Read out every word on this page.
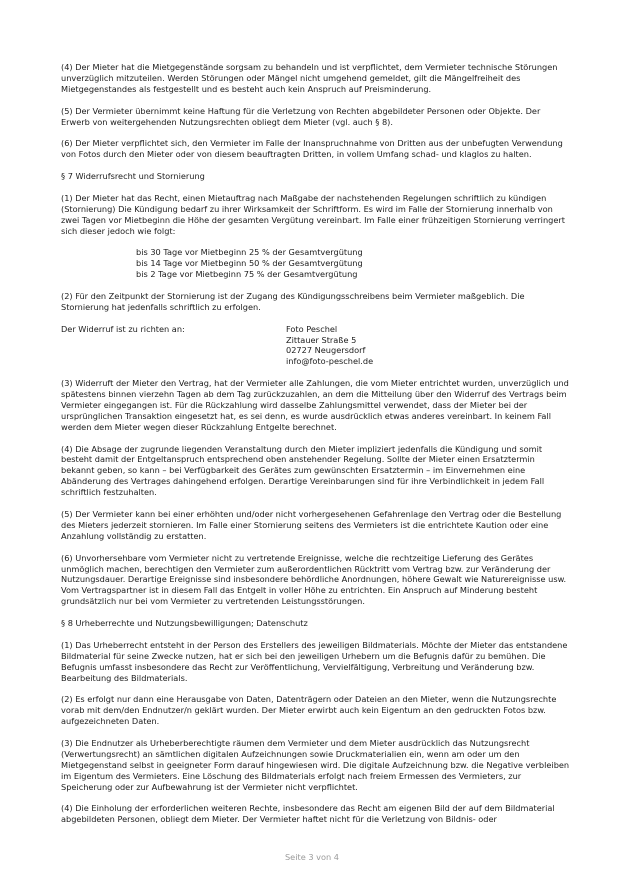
(4) Der Mieter hat die Mietgegenstände sorgsam zu behandeln und ist verpflichtet, dem Vermieter technische Störungen unverzüglich mitzuteilen. Werden Störungen oder Mängel nicht umgehend gemeldet, gilt die Mängelfreiheit des Mietgegenstandes als festgestellt und es besteht auch kein Anspruch auf Preisminderung.

(5) Der Vermieter übernimmt keine Haftung für die Verletzung von Rechten abgebildeter Personen oder Objekte. Der Erwerb von weitergehenden Nutzungsrechten obliegt dem Mieter (vgl. auch § 8).

(6) Der Mieter verpflichtet sich, den Vermieter im Falle der Inanspruchnahme von Dritten aus der unbefugten Verwendung von Fotos durch den Mieter oder von diesem beauftragten Dritten, in vollem Umfang schad- und klaglos zu halten.

§ 7 Widerrufsrecht und Stornierung

(1) Der Mieter hat das Recht, einen Mietauftrag nach Maßgabe der nachstehenden Regelungen schriftlich zu kündigen (Stornierung) Die Kündigung bedarf zu ihrer Wirksamkeit der Schriftform. Es wird im Falle der Stornierung innerhalb von zwei Tagen vor Mietbeginn die Höhe der gesamten Vergütung vereinbart. Im Falle einer frühzeitigen Stornierung verringert sich dieser jedoch wie folgt:

bis 30 Tage vor Mietbeginn 25 % der Gesamtvergütung
bis 14 Tage vor Mietbeginn 50 % der Gesamtvergütung
bis 2 Tage vor Mietbeginn 75 % der Gesamtvergütung

(2) Für den Zeitpunkt der Stornierung ist der Zugang des Kündigungsschreibens beim Vermieter maßgeblich. Die Stornierung hat jedenfalls schriftlich zu erfolgen.

Der Widerruf ist zu richten an:	Foto Peschel
Zittauer Straße 5
02727 Neugersdorf
info@foto-peschel.de

(3) Widerruft der Mieter den Vertrag, hat der Vermieter alle Zahlungen, die vom Mieter entrichtet wurden, unverzüglich und spätestens binnen vierzehn Tagen ab dem Tag zurückzuzahlen, an dem die Mitteilung über den Widerruf des Vertrags beim Vermieter eingegangen ist. Für die Rückzahlung wird dasselbe Zahlungsmittel verwendet, dass der Mieter bei der ursprünglichen Transaktion eingesetzt hat, es sei denn, es wurde ausdrücklich etwas anderes vereinbart. In keinem Fall werden dem Mieter wegen dieser Rückzahlung Entgelte berechnet.

(4) Die Absage der zugrunde liegenden Veranstaltung durch den Mieter impliziert jedenfalls die Kündigung und somit besteht damit der Entgeltanspruch entsprechend oben anstehender Regelung. Sollte der Mieter einen Ersatztermin bekannt geben, so kann – bei Verfügbarkeit des Gerätes zum gewünschten Ersatztermin – im Einvernehmen eine Abänderung des Vertrages dahingehend erfolgen. Derartige Vereinbarungen sind für ihre Verbindlichkeit in jedem Fall schriftlich festzuhalten.

(5) Der Vermieter kann bei einer erhöhten und/oder nicht vorhergesehenen Gefahrenlage den Vertrag oder die Bestellung des Mieters jederzeit stornieren. Im Falle einer Stornierung seitens des Vermieters ist die entrichtete Kaution oder eine Anzahlung vollständig zu erstatten.

(6) Unvorhersehbare vom Vermieter nicht zu vertretende Ereignisse, welche die rechtzeitige Lieferung des Gerätes unmöglich machen, berechtigen den Vermieter zum außerordentlichen Rücktritt vom Vertrag bzw. zur Veränderung der Nutzungsdauer. Derartige Ereignisse sind insbesondere behördliche Anordnungen, höhere Gewalt wie Naturereignisse usw. Vom Vertragspartner ist in diesem Fall das Entgelt in voller Höhe zu entrichten. Ein Anspruch auf Minderung besteht grundsätzlich nur bei vom Vermieter zu vertretenden Leistungsstörungen.

§ 8 Urheberrechte und Nutzungsbewilligungen; Datenschutz

(1) Das Urheberrecht entsteht in der Person des Erstellers des jeweiligen Bildmaterials. Möchte der Mieter das entstandene Bildmaterial für seine Zwecke nutzen, hat er sich bei den jeweiligen Urhebern um die Befugnis dafür zu bemühen. Die Befugnis umfasst insbesondere das Recht zur Veröffentlichung, Vervielfältigung, Verbreitung und Veränderung bzw. Bearbeitung des Bildmaterials.

(2) Es erfolgt nur dann eine Herausgabe von Daten, Datenträgern oder Dateien an den Mieter, wenn die Nutzungsrechte vorab mit dem/den Endnutzer/n geklärt wurden. Der Mieter erwirbt auch kein Eigentum an den gedruckten Fotos bzw. aufgezeichneten Daten.

(3) Die Endnutzer als Urheberberechtigte räumen dem Vermieter und dem Mieter ausdrücklich das Nutzungsrecht (Verwertungsrecht) an sämtlichen digitalen Aufzeichnungen sowie Druckmaterialien ein, wenn am oder um den Mietgegenstand selbst in geeigneter Form darauf hingewiesen wird. Die digitale Aufzeichnung bzw. die Negative verbleiben im Eigentum des Vermieters. Eine Löschung des Bildmaterials erfolgt nach freiem Ermessen des Vermieters, zur Speicherung oder zur Aufbewahrung ist der Vermieter nicht verpflichtet.

(4) Die Einholung der erforderlichen weiteren Rechte, insbesondere das Recht am eigenen Bild der auf dem Bildmaterial abgebildeten Personen, obliegt dem Mieter. Der Vermieter haftet nicht für die Verletzung von Bildnis- oder

Seite 3 von 4
